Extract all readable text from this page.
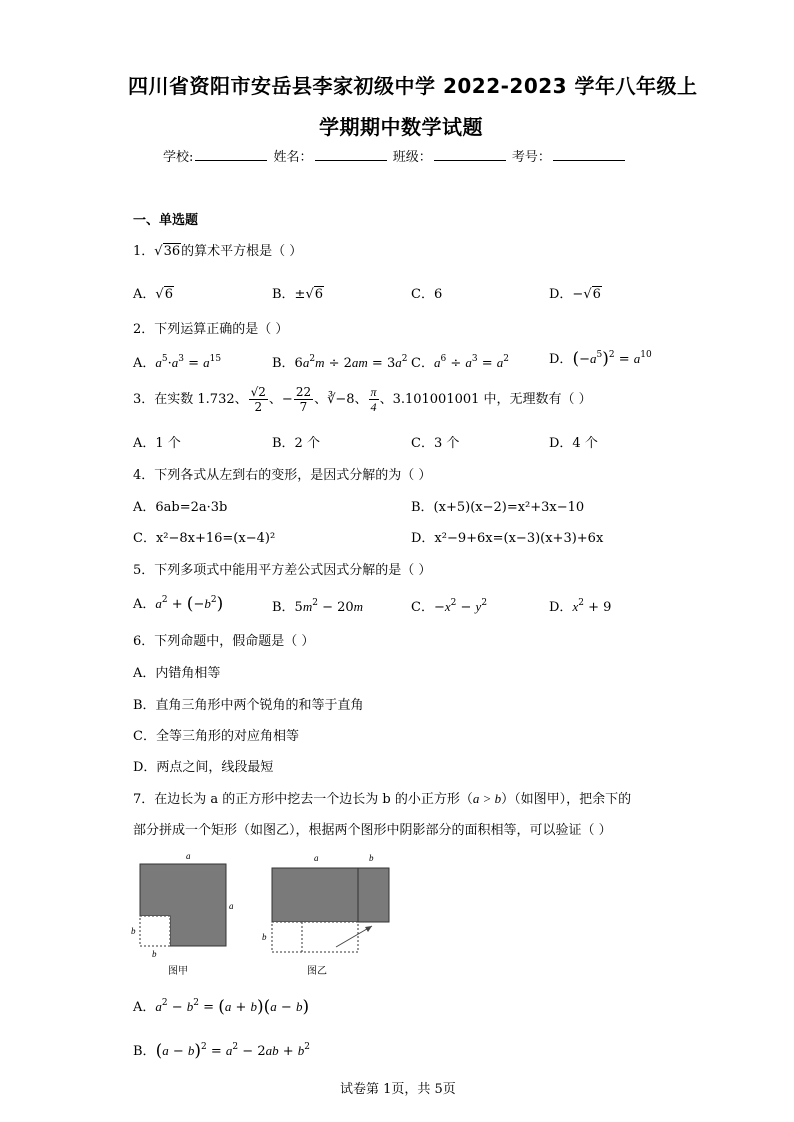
四川省资阳市安岳县李家初级中学 2022-2023 学年八年级上
学期期中数学试题
学校:	姓名：	班级：	考号：
一、单选题
1．√36的算术平方根是（ ）
A．√6	B．±√6	C．6	D．−√6
2．下列运算正确的是（ ）
A．$a^5\cdot a^3 = a^{15}$	B．$6a^2m \div 2am = 3a^2$ C．$a^6 \div a^3 = a^2$	D．$(-a^5)^2 = a^{10}$
3．在实数 1.732、 $\frac{√2}{2}$ 、− $\frac{22}{7}$ 、∛−8、 $\frac{\pi}{4}$ 、3.101001001 中，无理数有（ ）
A．1 个	B．2 个	C．3 个	D．4 个
4．下列各式从左到右的变形，是因式分解的为（ ）
A．6ab=2a·3b	B．(x+5)(x−2)=x²+3x−10
C．x²−8x+16=(x−4)²	D．x²−9+6x=(x−3)(x+3)+6x
5．下列多项式中能用平方差公式因式分解的是（ ）
A．$a^2 + (-b^2)$	B．$5m^2 - 20m$	C．$-x^2 - y^2$	D．$x^2 + 9$
6．下列命题中，假命题是（ ）
A．内错角相等
B．直角三角形中两个锐角的和等于直角
C．全等三角形的对应角相等
D．两点之间，线段最短
7．在边长为 a 的正方形中挖去一个边长为 b 的小正方形（a > b）（如图甲），把余下的
部分拼成一个矩形（如图乙），根据两个图形中阴影部分的面积相等，可以验证（ ）
a
a
b
b
图甲
a	b
b
图乙
A．$a^2 - b^2 = (a + b)(a - b)$
B．$(a - b)^2 = a^2 - 2ab + b^2$
试卷第 1页，共 5页
